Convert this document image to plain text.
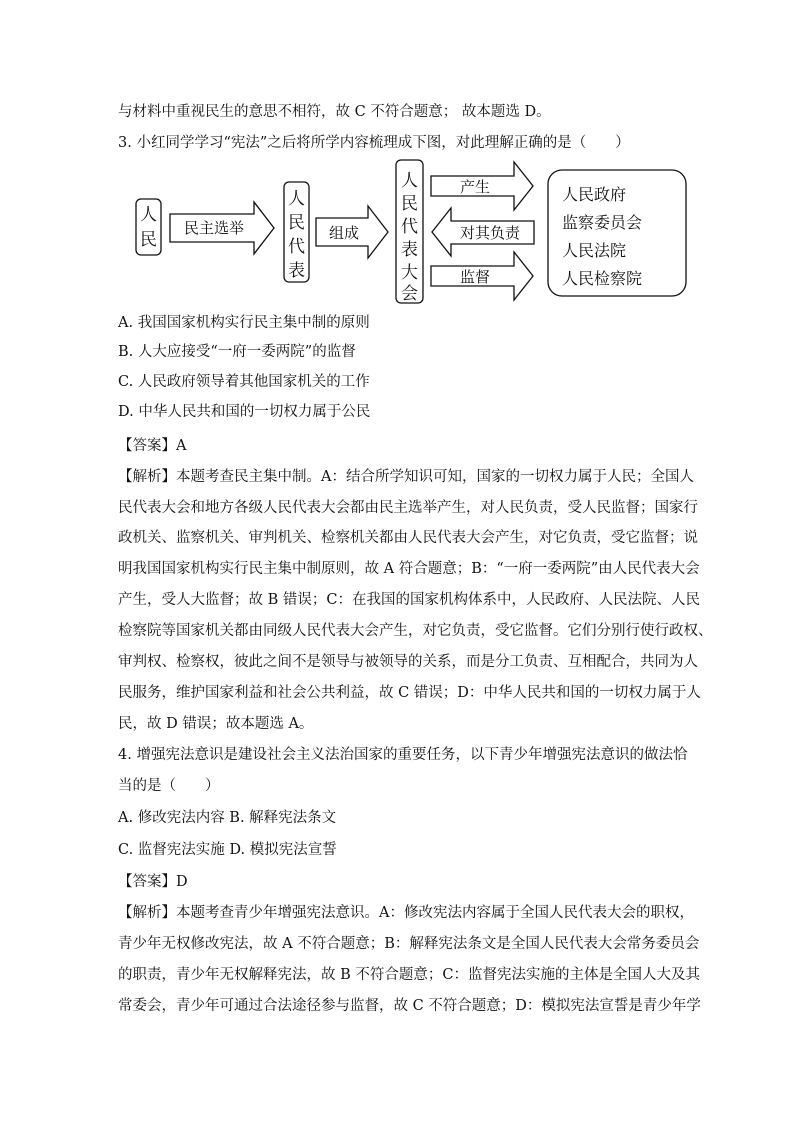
与材料中重视民生的意思不相符，故 C 不符合题意； 故本题选 D。
3. 小红同学学习“宪法”之后将所学内容梳理成下图，对此理解正确的是（　　）
人
民
民主选举
人
民
代
表
组成
人
民
代
表
大
会
产生
对其负责
监督
人民政府
监察委员会
人民法院
人民检察院
A. 我国国家机构实行民主集中制的原则
B. 人大应接受“一府一委两院”的监督
C. 人民政府领导着其他国家机关的工作
D. 中华人民共和国的一切权力属于公民
【答案】A
【解析】本题考查民主集中制。A：结合所学知识可知，国家的一切权力属于人民；全国人
民代表大会和地方各级人民代表大会都由民主选举产生，对人民负责，受人民监督；国家行
政机关、监察机关、审判机关、检察机关都由人民代表大会产生，对它负责，受它监督；说
明我国国家机构实行民主集中制原则，故 A 符合题意；B：“一府一委两院”由人民代表大会
产生，受人大监督；故 B 错误；C：在我国的国家机构体系中，人民政府、人民法院、人民
检察院等国家机关都由同级人民代表大会产生，对它负责，受它监督。它们分别行使行政权、
审判权、检察权，彼此之间不是领导与被领导的关系，而是分工负责、互相配合，共同为人
民服务，维护国家利益和社会公共利益，故 C 错误；D：中华人民共和国的一切权力属于人
民，故 D 错误；故本题选 A。
4. 增强宪法意识是建设社会主义法治国家的重要任务，以下青少年增强宪法意识的做法恰
当的是（　　）
A. 修改宪法内容 B. 解释宪法条文
C. 监督宪法实施 D. 模拟宪法宣誓
【答案】D
【解析】本题考查青少年增强宪法意识。A：修改宪法内容属于全国人民代表大会的职权，
青少年无权修改宪法，故 A 不符合题意；B：解释宪法条文是全国人民代表大会常务委员会
的职责，青少年无权解释宪法，故 B 不符合题意；C：监督宪法实施的主体是全国人大及其
常委会，青少年可通过合法途径参与监督，故 C 不符合题意；D：模拟宪法宣誓是青少年学
